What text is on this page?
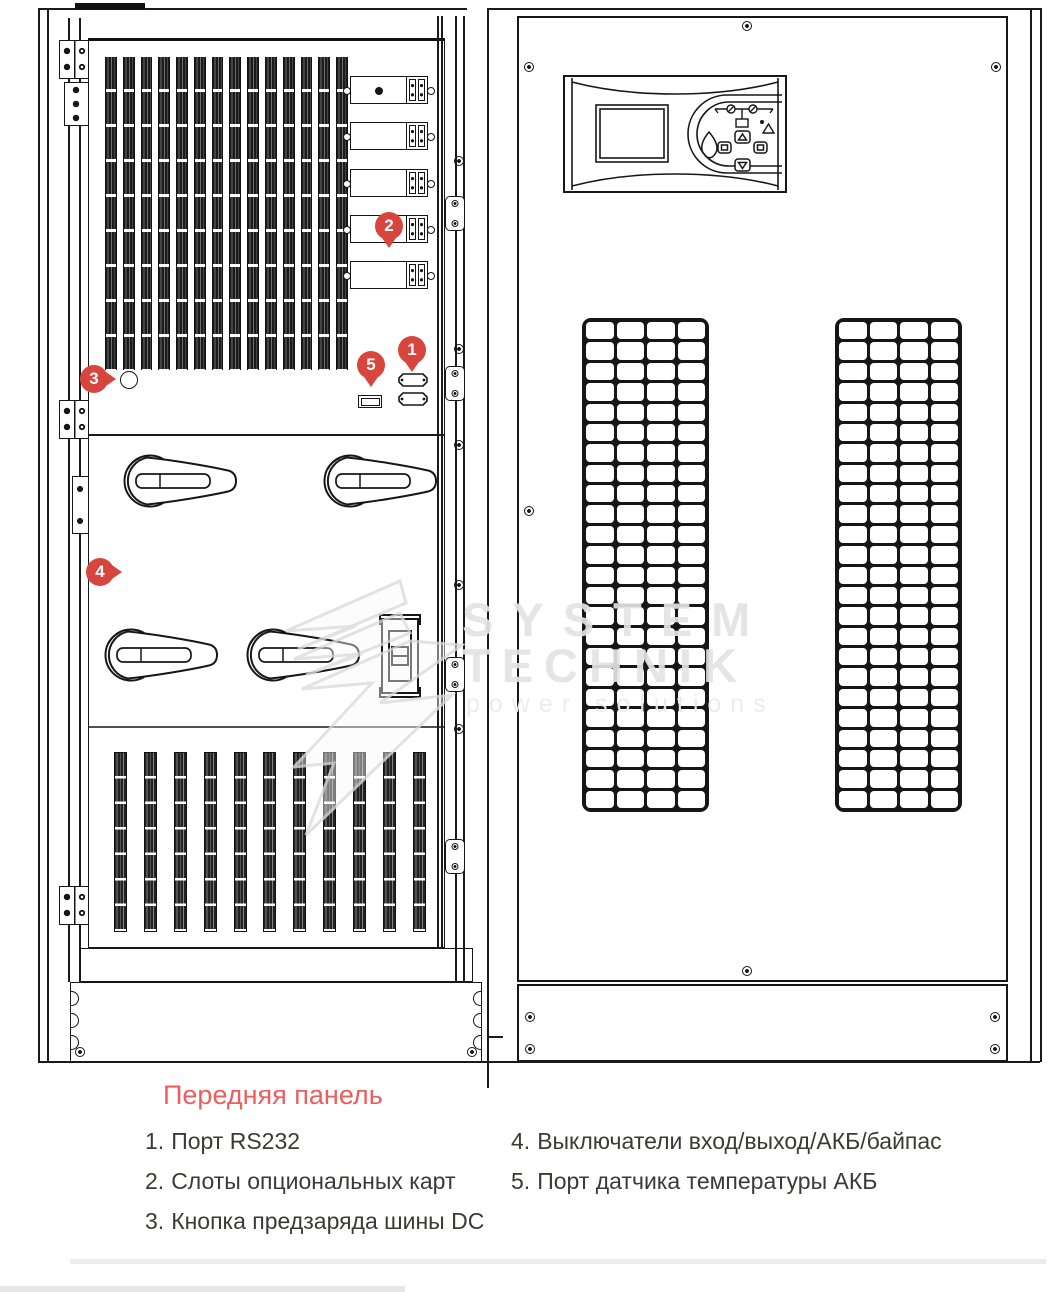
SYSTEM
TECHNIK
power solutions
1
2
3
4
5
Передняя панель
1. Порт RS232
2. Слоты опциональных карт
3. Кнопка предзаряда шины DC
4. Выключатели вход/выход/АКБ/байпас
5. Порт датчика температуры АКБ
